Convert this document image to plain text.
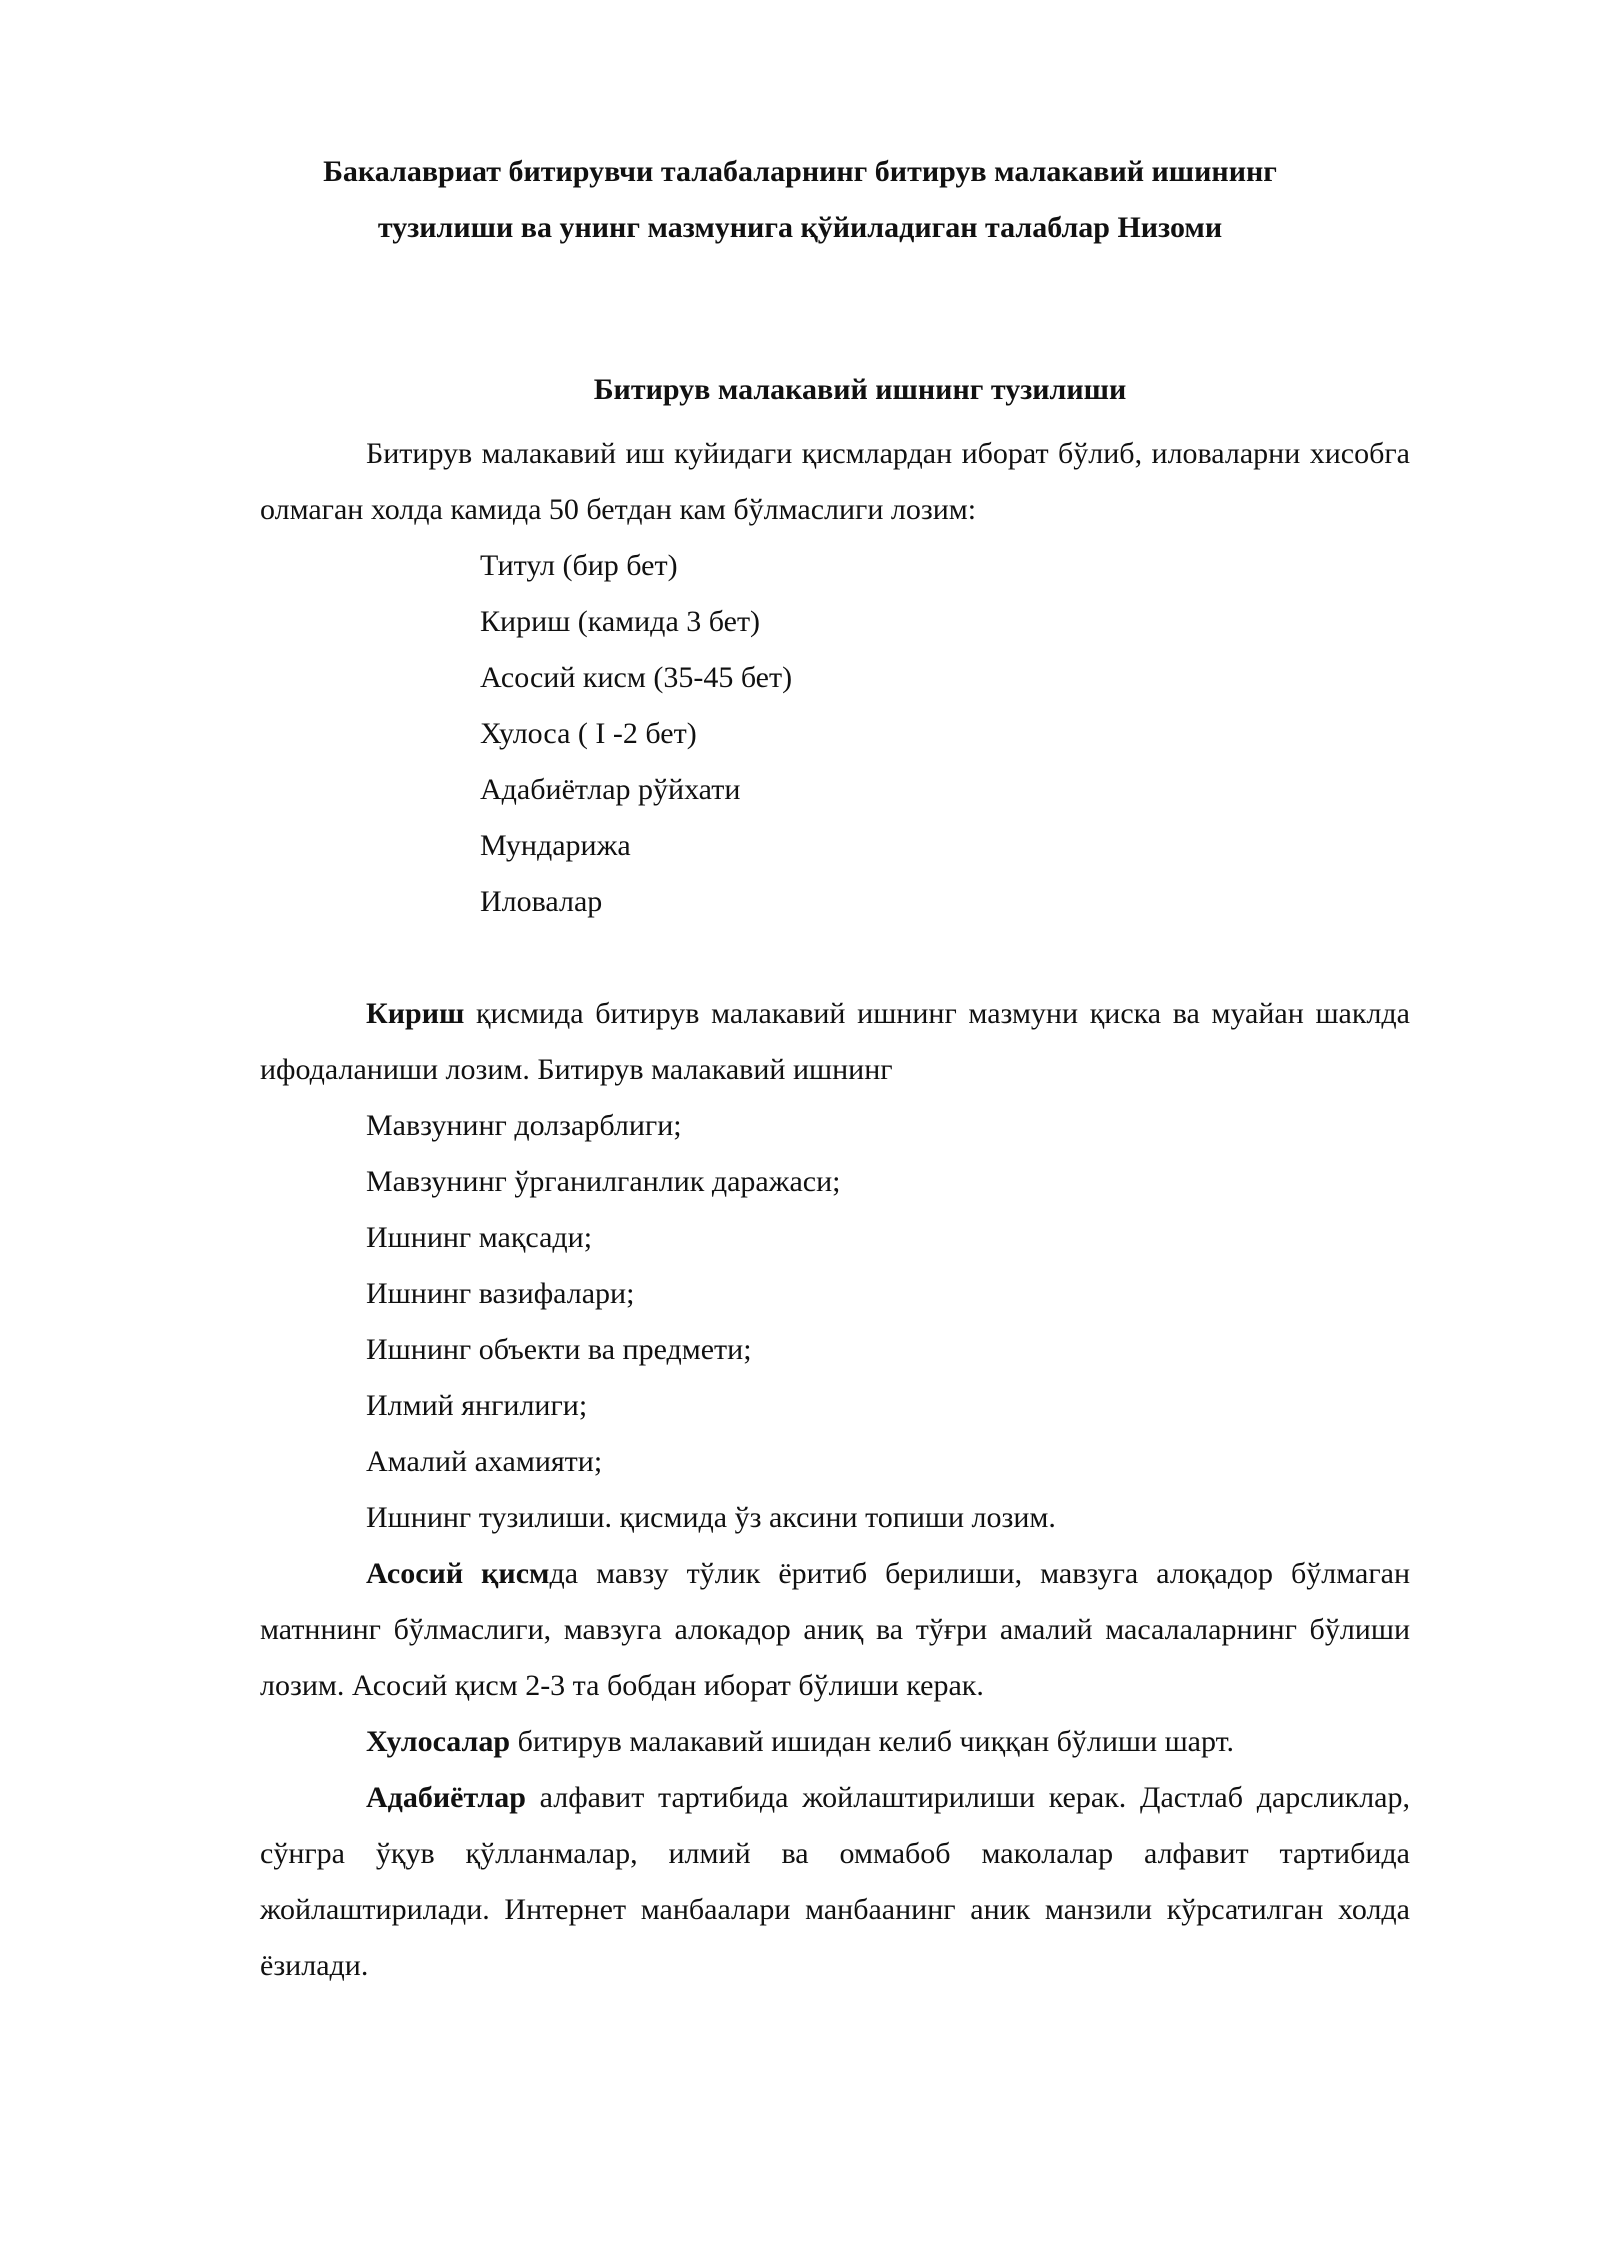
Бакалавриат битирувчи талабаларнинг битирув малакавий ишининг
тузилиши ва унинг мазмунига қўйиладиган талаблар Низоми
Битирув малакавий ишнинг тузилиши

Битирув малакавий иш куйидаги қисмлардан иборат бўлиб, иловаларни хисобга олмаган холда камида 50 бетдан кам бўлмаслиги лозим:

Титул (бир бет)
Кириш (камида 3 бет)
Асосий кисм (35-45 бет)
Хулоса ( I -2 бет)
Адабиётлар рўйхати
Мундарижа
Иловалар

Кириш қисмида битирув малакавий ишнинг мазмуни қиска ва муайан шаклда ифодаланиши лозим. Битирув малакавий ишнинг

Мавзунинг долзарблиги;
Мавзунинг ўрганилганлик даражаси;
Ишнинг мақсади;
Ишнинг вазифалари;
Ишнинг объекти ва предмети;
Илмий янгилиги;
Амалий ахамияти;
Ишнинг тузилиши. қисмида ўз аксини топиши лозим.

Асосий қисмда мавзу тўлик ёритиб берилиши, мавзуга алоқадор бўлмаган матннинг бўлмаслиги, мавзуга алокадор аниқ ва тўғри амалий масалаларнинг бўлиши лозим. Асосий қисм 2-3 та бобдан иборат бўлиши керак.

Хулосалар битирув малакавий ишидан келиб чиққан бўлиши шарт.

Адабиётлар алфавит тартибида жойлаштирилиши керак. Дастлаб дарсликлар, сўнгра ўқув қўлланмалар, илмий ва оммабоб маколалар алфавит тартибида жойлаштирилади. Интернет манбаалари манбаанинг аник манзили кўрсатилган холда ёзилади.
